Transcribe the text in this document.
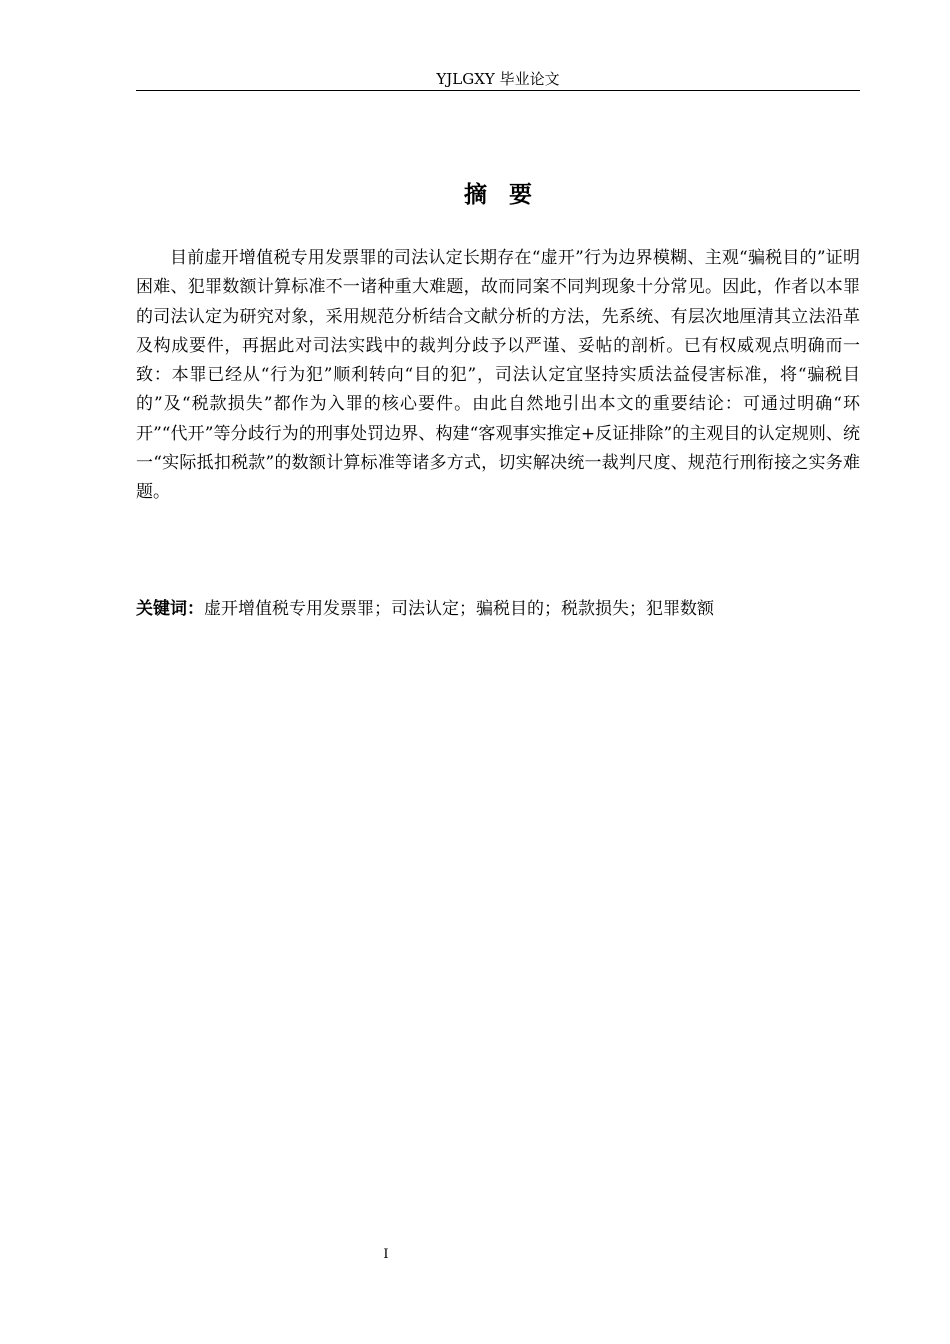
YJLGXY 毕业论文
摘要

目前虚开增值税专用发票罪的司法认定长期存在“虚开”行为边界模糊、主观“骗税目的”证明困难、犯罪数额计算标准不一诸种重大难题，故而同案不同判现象十分常见。因此，作者以本罪的司法认定为研究对象，采用规范分析结合文献分析的方法，先系统、有层次地厘清其立法沿革及构成要件，再据此对司法实践中的裁判分歧予以严谨、妥帖的剖析。已有权威观点明确而一致：本罪已经从“行为犯”顺利转向“目的犯”，司法认定宜坚持实质法益侵害标准，将“骗税目的”及“税款损失”都作为入罪的核心要件。由此自然地引出本文的重要结论：可通过明确“环开”“代开”等分歧行为的刑事处罚边界、构建“客观事实推定+反证排除”的主观目的认定规则、统一“实际抵扣税款”的数额计算标准等诸多方式，切实解决统一裁判尺度、规范行刑衔接之实务难题。

关键词：虚开增值税专用发票罪；司法认定；骗税目的；税款损失；犯罪数额

I
